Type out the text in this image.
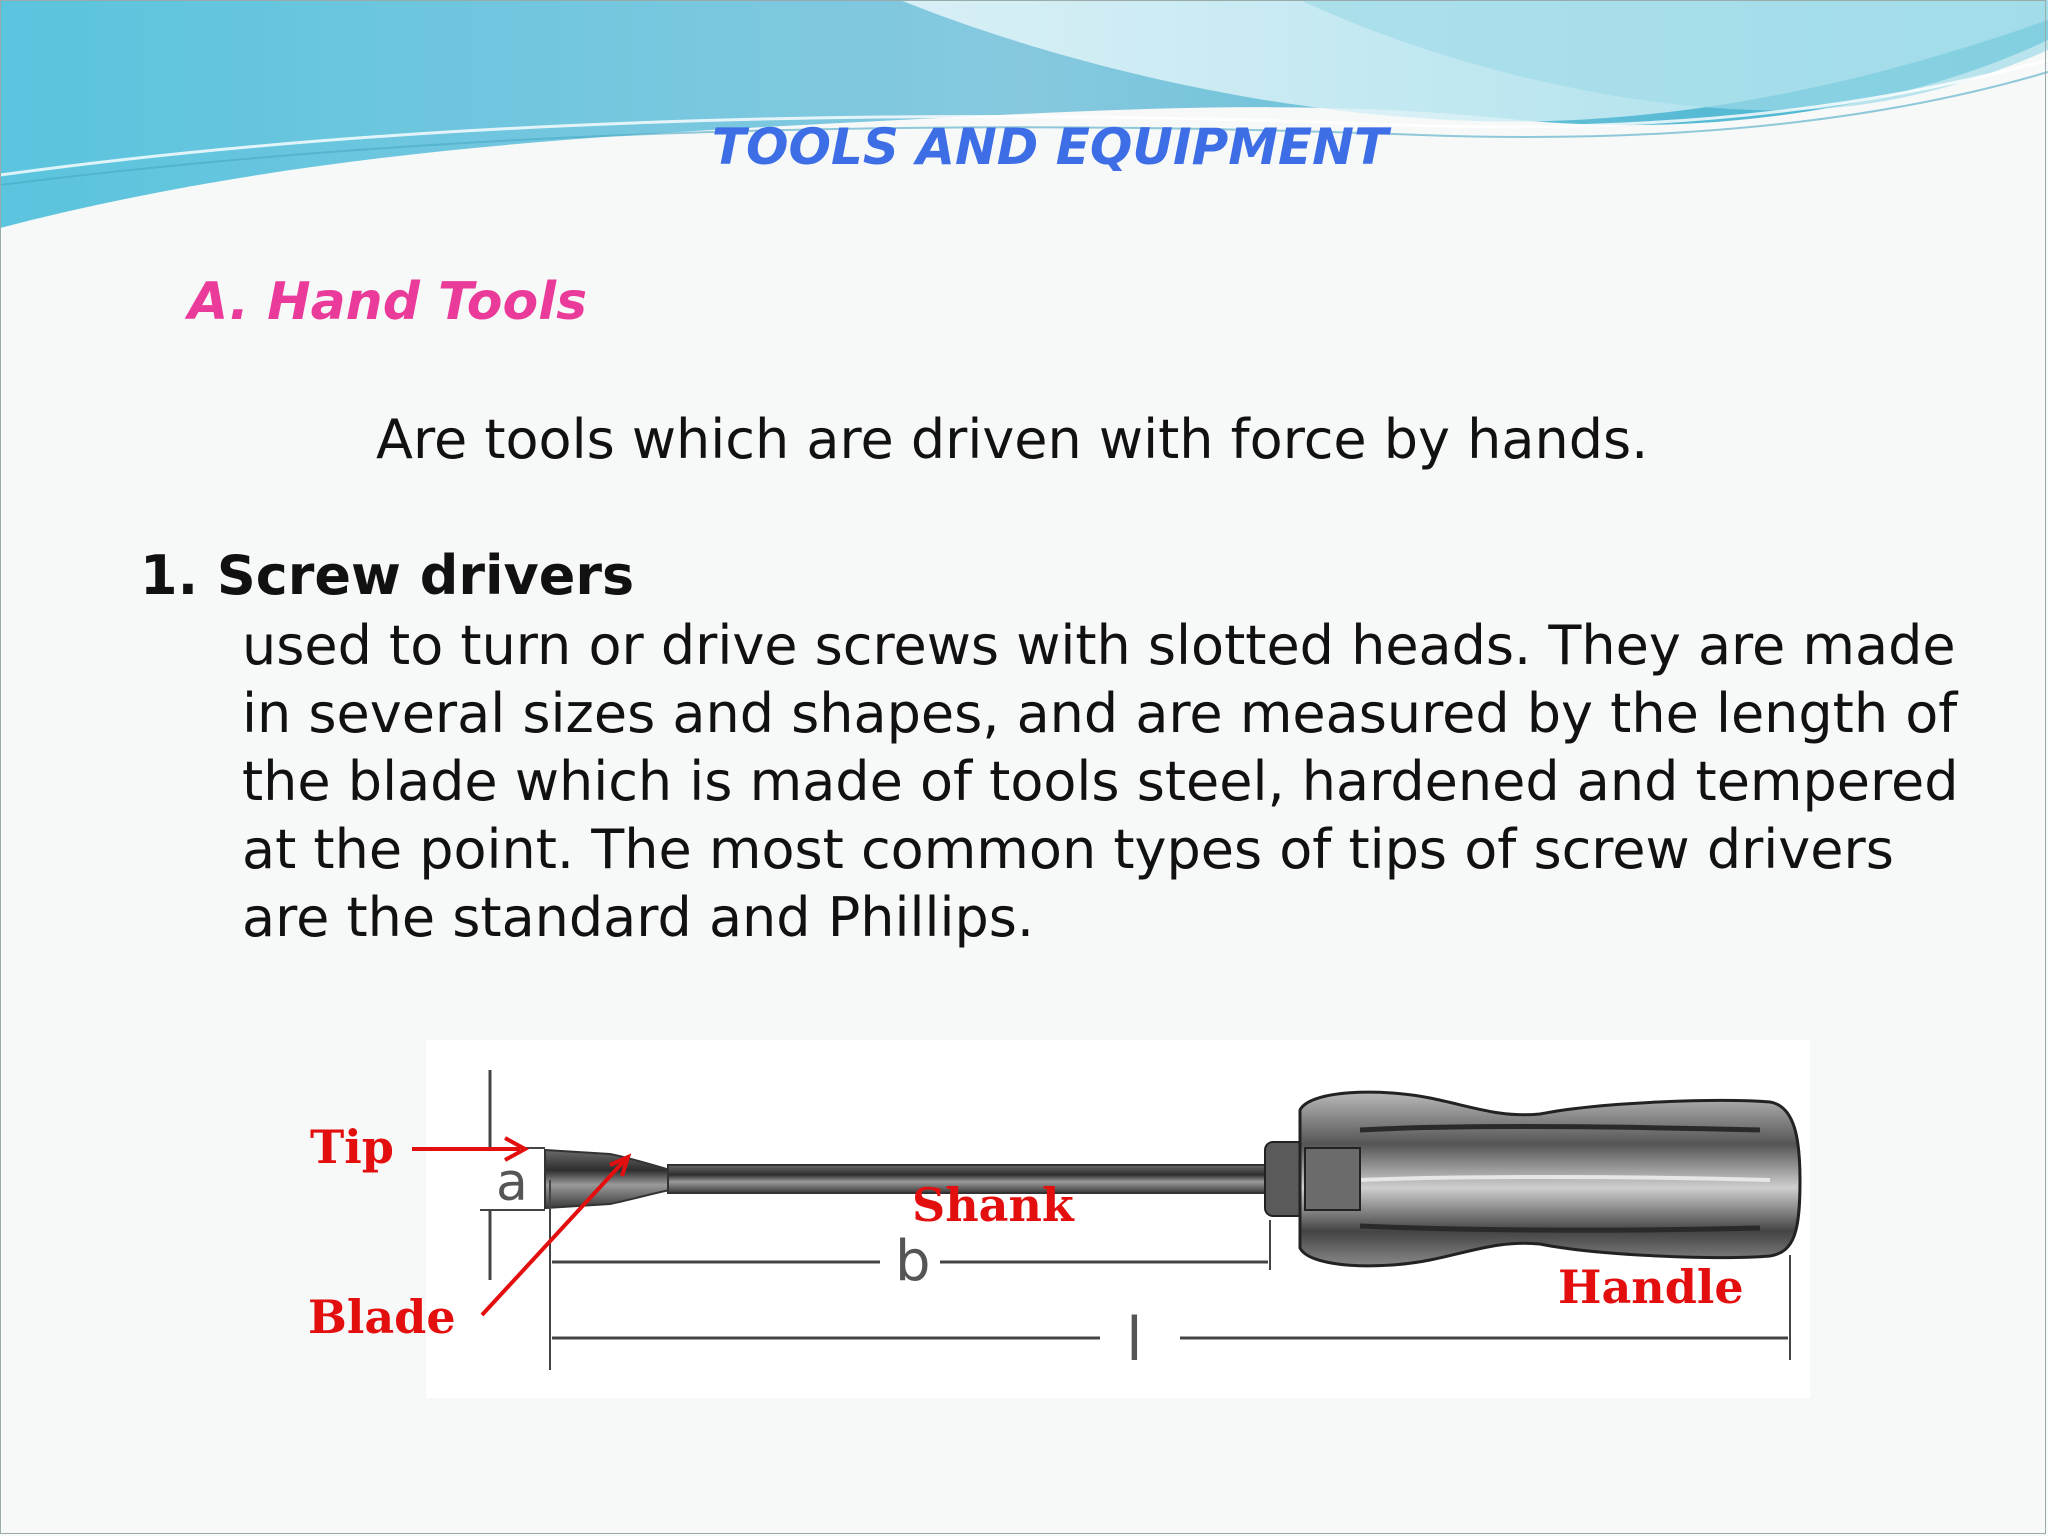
TOOLS AND EQUIPMENT
A. Hand Tools

Are tools which are driven with force by hands.

1. Screw drivers

used to turn or drive screws with slotted heads. They are made in several sizes and shapes, and are measured by the length of the blade which is made of tools steel, hardened and tempered at the point. The most common types of tips of screw drivers are the standard and Phillips.

a
b
l
Tip
Blade
Shank
Handle
